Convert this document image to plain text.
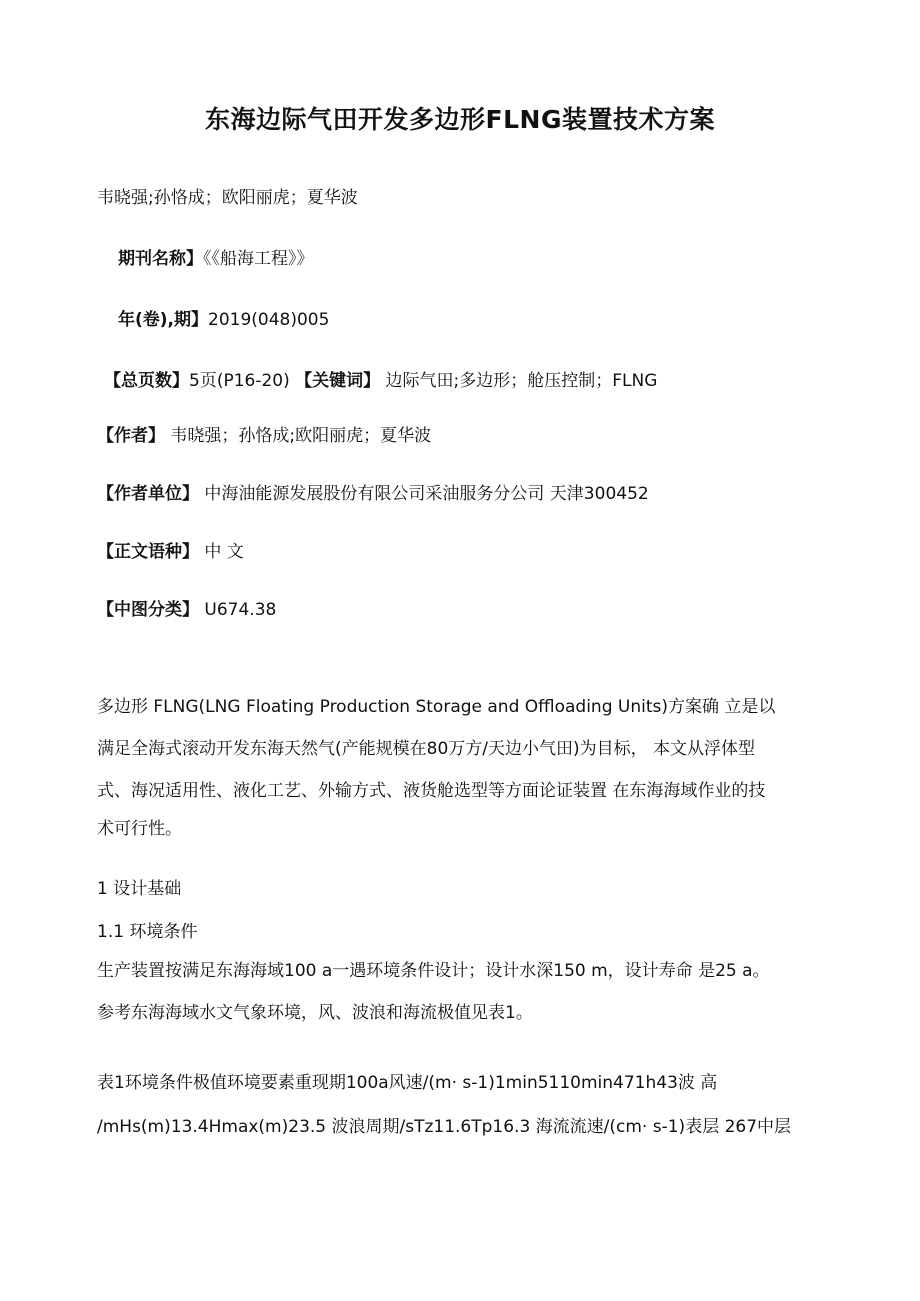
东海边际气田开发多边形FLNG装置技术方案
韦晓强;孙恪成；欧阳丽虎；夏华波
期刊名称】《《船海工程》》
年(卷),期】2019(048)005
【总页数】5页(P16-20) 【关键词】 边际气田;多边形；舱压控制；FLNG
【作者】 韦晓强；孙恪成;欧阳丽虎；夏华波
【作者单位】 中海油能源发展股份有限公司采油服务分公司 天津300452
【正文语种】 中 文
【中图分类】 U674.38
多边形 FLNG(LNG Floating Production Storage and Offloading Units)方案确 立是以
满足全海式滚动开发东海天然气(产能规模在80万方/天边小气田)为目标， 本文从浮体型
式、海况适用性、液化工艺、外输方式、液货舱选型等方面论证装置 在东海海域作业的技
术可行性。
1 设计基础
1.1 环境条件
生产装置按满足东海海域100 a一遇环境条件设计；设计水深150 m，设计寿命 是25 a。
参考东海海域水文气象环境，风、波浪和海流极值见表1。
表1环境条件极值环境要素重现期100a风速/(m· s-1)1min5110min471h43波 高
/mHs(m)13.4Hmax(m)23.5 波浪周期/sTz11.6Tp16.3 海流流速/(cm· s-1)表层 267中层
